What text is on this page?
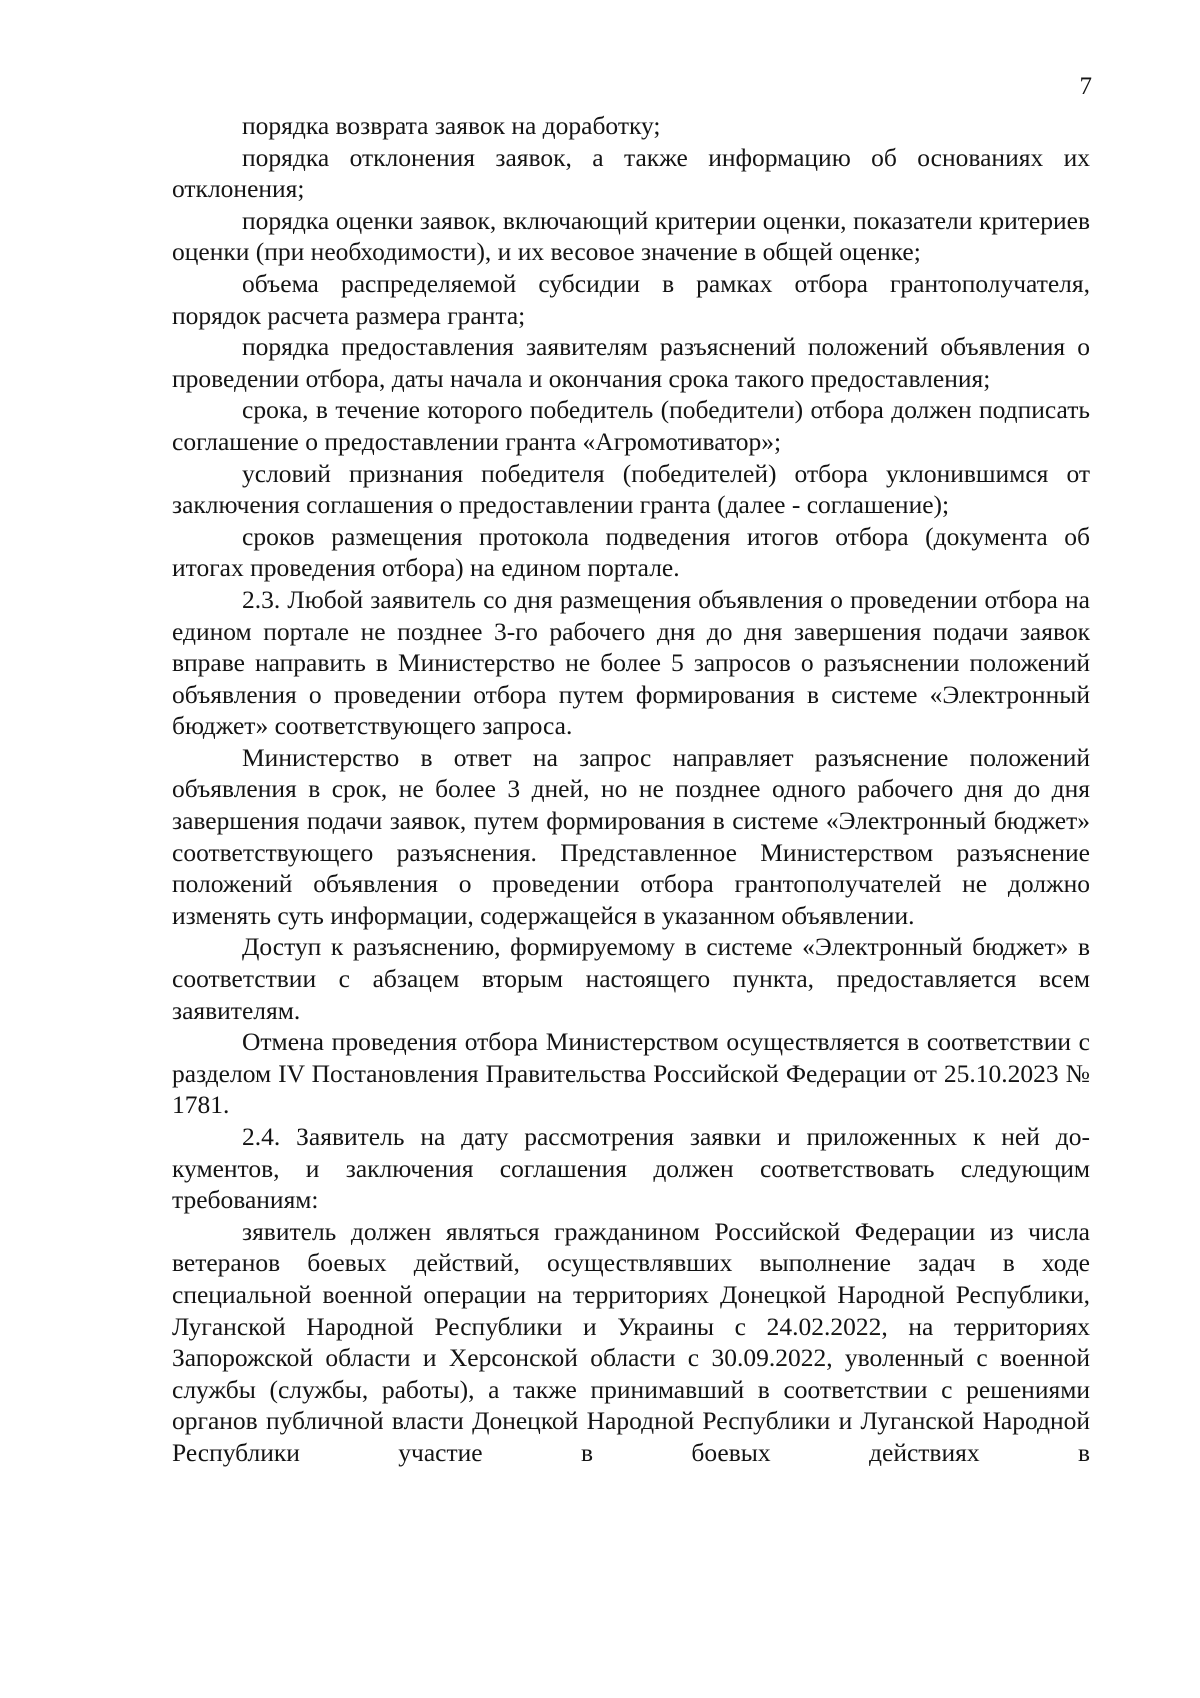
7

порядка возврата заявок на доработку;

порядка отклонения заявок, а также информацию об основаниях их отклонения;

порядка оценки заявок, включающий критерии оценки, показатели критериев оценки (при необходимости), и их весовое значение в общей оценке;

объема распределяемой субсидии в рамках отбора грантополучателя, порядок расчета размера гранта;

порядка предоставления заявителям разъяснений положений объявления о проведении отбора, даты начала и окончания срока такого предоставления;

срока, в течение которого победитель (победители) отбора должен подписать соглашение о предоставлении гранта «Агромотиватор»;

условий признания победителя (победителей) отбора уклонившимся от заключения соглашения о предоставлении гранта (далее - соглашение);

сроков размещения протокола подведения итогов отбора (документа об итогах проведения отбора) на едином портале.

2.3. Любой заявитель со дня размещения объявления о проведении отбора на едином портале не позднее 3-го рабочего дня до дня завершения подачи заявок вправе направить в Министерство не более 5 запросов о разъяснении положений объявления о проведении отбора путем формирования в системе «Электронный бюджет» соответствующего запроса.

Министерство в ответ на запрос направляет разъяснение положений объявления в срок, не более 3 дней, но не позднее одного рабочего дня до дня завершения подачи заявок, путем формирования в системе «Электронный бюджет» соответствующего разъяснения. Представленное Министерством разъяснение положений объявления о проведении отбора грантополучателей не должно изменять суть информации, содержащейся в указанном объявлении.

Доступ к разъяснению, формируемому в системе «Электронный бюджет» в соответствии с абзацем вторым настоящего пункта, предоставляется всем заявителям.

Отмена проведения отбора Министерством осуществляется в соответствии с разделом IV Постановления Правительства Российской Федерации от 25.10.2023 № 1781.

2.4. Заявитель на дату рассмотрения заявки и приложенных к ней документов, и заключения соглашения должен соответствовать следующим требованиям:

зявитель должен являться гражданином Российской Федерации из числа ветеранов боевых действий, осуществлявших выполнение задач в ходе специальной военной операции на территориях Донецкой Народной Республики, Луганской Народной Республики и Украины с 24.02.2022, на территориях Запорожской области и Херсонской области с 30.09.2022, уволенный с военной службы (службы, работы), а также принимавший в соответствии с решениями органов публичной власти Донецкой Народной Республики и Луганской Народной Республики участие в боевых действиях в
